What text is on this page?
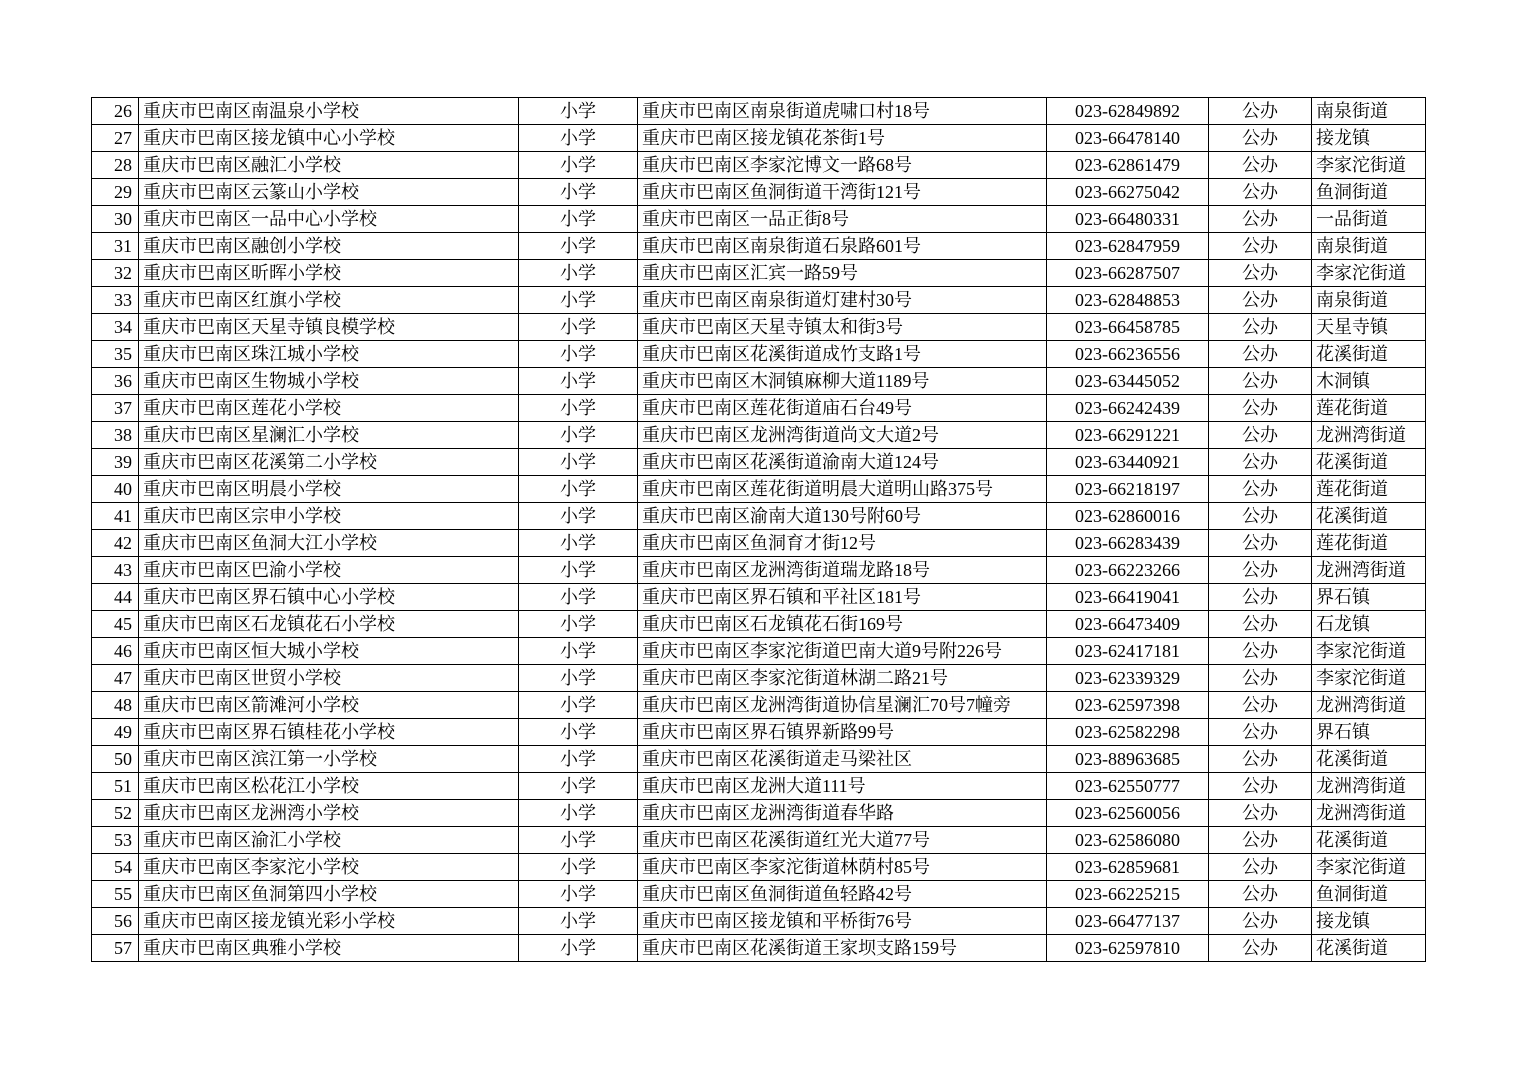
26	重庆市巴南区南温泉小学校	小学	重庆市巴南区南泉街道虎啸口村18号	023-62849892	公办	南泉街道
27	重庆市巴南区接龙镇中心小学校	小学	重庆市巴南区接龙镇花茶街1号	023-66478140	公办	接龙镇
28	重庆市巴南区融汇小学校	小学	重庆市巴南区李家沱博文一路68号	023-62861479	公办	李家沱街道
29	重庆市巴南区云篆山小学校	小学	重庆市巴南区鱼洞街道干湾街121号	023-66275042	公办	鱼洞街道
30	重庆市巴南区一品中心小学校	小学	重庆市巴南区一品正街8号	023-66480331	公办	一品街道
31	重庆市巴南区融创小学校	小学	重庆市巴南区南泉街道石泉路601号	023-62847959	公办	南泉街道
32	重庆市巴南区昕晖小学校	小学	重庆市巴南区汇宾一路59号	023-66287507	公办	李家沱街道
33	重庆市巴南区红旗小学校	小学	重庆市巴南区南泉街道灯建村30号	023-62848853	公办	南泉街道
34	重庆市巴南区天星寺镇良模学校	小学	重庆市巴南区天星寺镇太和街3号	023-66458785	公办	天星寺镇
35	重庆市巴南区珠江城小学校	小学	重庆市巴南区花溪街道成竹支路1号	023-66236556	公办	花溪街道
36	重庆市巴南区生物城小学校	小学	重庆市巴南区木洞镇麻柳大道1189号	023-63445052	公办	木洞镇
37	重庆市巴南区莲花小学校	小学	重庆市巴南区莲花街道庙石台49号	023-66242439	公办	莲花街道
38	重庆市巴南区星澜汇小学校	小学	重庆市巴南区龙洲湾街道尚文大道2号	023-66291221	公办	龙洲湾街道
39	重庆市巴南区花溪第二小学校	小学	重庆市巴南区花溪街道渝南大道124号	023-63440921	公办	花溪街道
40	重庆市巴南区明晨小学校	小学	重庆市巴南区莲花街道明晨大道明山路375号	023-66218197	公办	莲花街道
41	重庆市巴南区宗申小学校	小学	重庆市巴南区渝南大道130号附60号	023-62860016	公办	花溪街道
42	重庆市巴南区鱼洞大江小学校	小学	重庆市巴南区鱼洞育才街12号	023-66283439	公办	莲花街道
43	重庆市巴南区巴渝小学校	小学	重庆市巴南区龙洲湾街道瑞龙路18号	023-66223266	公办	龙洲湾街道
44	重庆市巴南区界石镇中心小学校	小学	重庆市巴南区界石镇和平社区181号	023-66419041	公办	界石镇
45	重庆市巴南区石龙镇花石小学校	小学	重庆市巴南区石龙镇花石街169号	023-66473409	公办	石龙镇
46	重庆市巴南区恒大城小学校	小学	重庆市巴南区李家沱街道巴南大道9号附226号	023-62417181	公办	李家沱街道
47	重庆市巴南区世贸小学校	小学	重庆市巴南区李家沱街道林湖二路21号	023-62339329	公办	李家沱街道
48	重庆市巴南区箭滩河小学校	小学	重庆市巴南区龙洲湾街道协信星澜汇70号7幢旁	023-62597398	公办	龙洲湾街道
49	重庆市巴南区界石镇桂花小学校	小学	重庆市巴南区界石镇界新路99号	023-62582298	公办	界石镇
50	重庆市巴南区滨江第一小学校	小学	重庆市巴南区花溪街道走马梁社区	023-88963685	公办	花溪街道
51	重庆市巴南区松花江小学校	小学	重庆市巴南区龙洲大道111号	023-62550777	公办	龙洲湾街道
52	重庆市巴南区龙洲湾小学校	小学	重庆市巴南区龙洲湾街道春华路	023-62560056	公办	龙洲湾街道
53	重庆市巴南区渝汇小学校	小学	重庆市巴南区花溪街道红光大道77号	023-62586080	公办	花溪街道
54	重庆市巴南区李家沱小学校	小学	重庆市巴南区李家沱街道林荫村85号	023-62859681	公办	李家沱街道
55	重庆市巴南区鱼洞第四小学校	小学	重庆市巴南区鱼洞街道鱼轻路42号	023-66225215	公办	鱼洞街道
56	重庆市巴南区接龙镇光彩小学校	小学	重庆市巴南区接龙镇和平桥街76号	023-66477137	公办	接龙镇
57	重庆市巴南区典雅小学校	小学	重庆市巴南区花溪街道王家坝支路159号	023-62597810	公办	花溪街道
